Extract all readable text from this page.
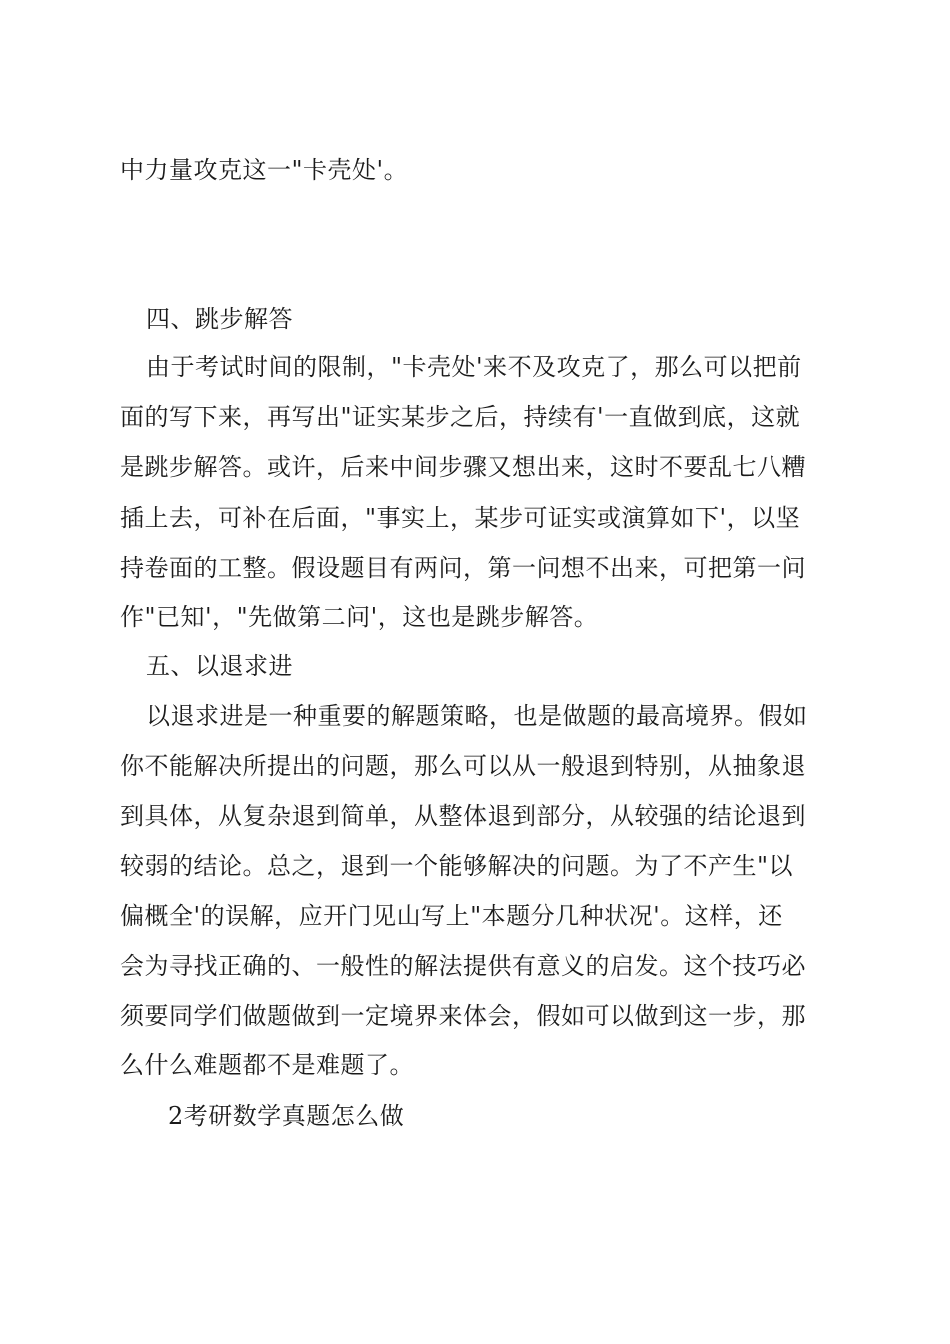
中力量攻克这一"卡壳处'。
四、跳步解答
由于考试时间的限制，"卡壳处'来不及攻克了，那么可以把前
面的写下来，再写出"证实某步之后，持续有'一直做到底，这就
是跳步解答。或许，后来中间步骤又想出来，这时不要乱七八糟
插上去，可补在后面，"事实上，某步可证实或演算如下'，以坚
持卷面的工整。假设题目有两问，第一问想不出来，可把第一问
作"已知'，"先做第二问'，这也是跳步解答。
五、以退求进
以退求进是一种重要的解题策略，也是做题的最高境界。假如
你不能解决所提出的问题，那么可以从一般退到特别，从抽象退
到具体，从复杂退到简单，从整体退到部分，从较强的结论退到
较弱的结论。总之，退到一个能够解决的问题。为了不产生"以
偏概全'的误解，应开门见山写上"本题分几种状况'。这样，还
会为寻找正确的、一般性的解法提供有意义的启发。这个技巧必
须要同学们做题做到一定境界来体会，假如可以做到这一步，那
么什么难题都不是难题了。
2考研数学真题怎么做
